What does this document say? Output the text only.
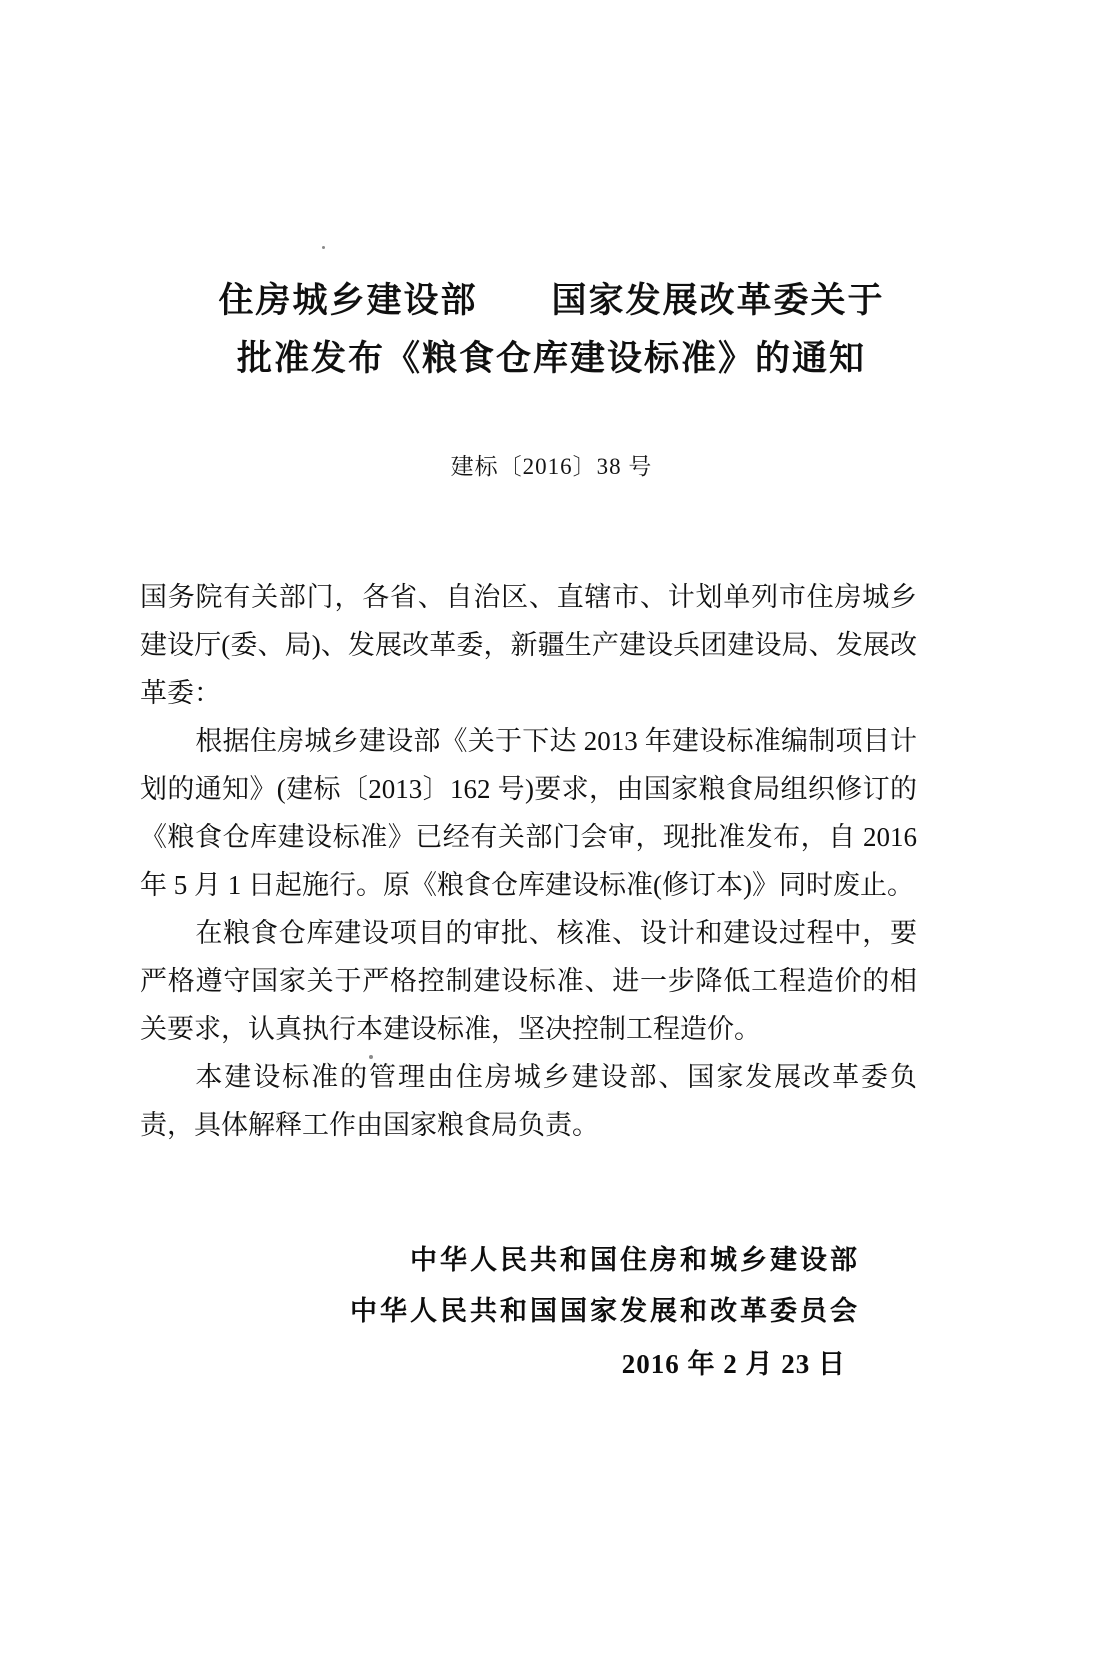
住房城乡建设部　　国家发展改革委关于
批准发布《粮食仓库建设标准》的通知
建标〔2016〕38 号

国务院有关部门，各省、自治区、直辖市、计划单列市住房城乡建设厅(委、局)、发展改革委，新疆生产建设兵团建设局、发展改革委：

根据住房城乡建设部《关于下达 2013 年建设标准编制项目计划的通知》(建标〔2013〕162 号)要求，由国家粮食局组织修订的《粮食仓库建设标准》已经有关部门会审，现批准发布，自 2016 年 5 月 1 日起施行。原《粮食仓库建设标准(修订本)》同时废止。

在粮食仓库建设项目的审批、核准、设计和建设过程中，要严格遵守国家关于严格控制建设标准、进一步降低工程造价的相关要求，认真执行本建设标准，坚决控制工程造价。

本建设标准的管理由住房城乡建设部、国家发展改革委负责，具体解释工作由国家粮食局负责。

中华人民共和国住房和城乡建设部
中华人民共和国国家发展和改革委员会
2016 年 2 月 23 日
